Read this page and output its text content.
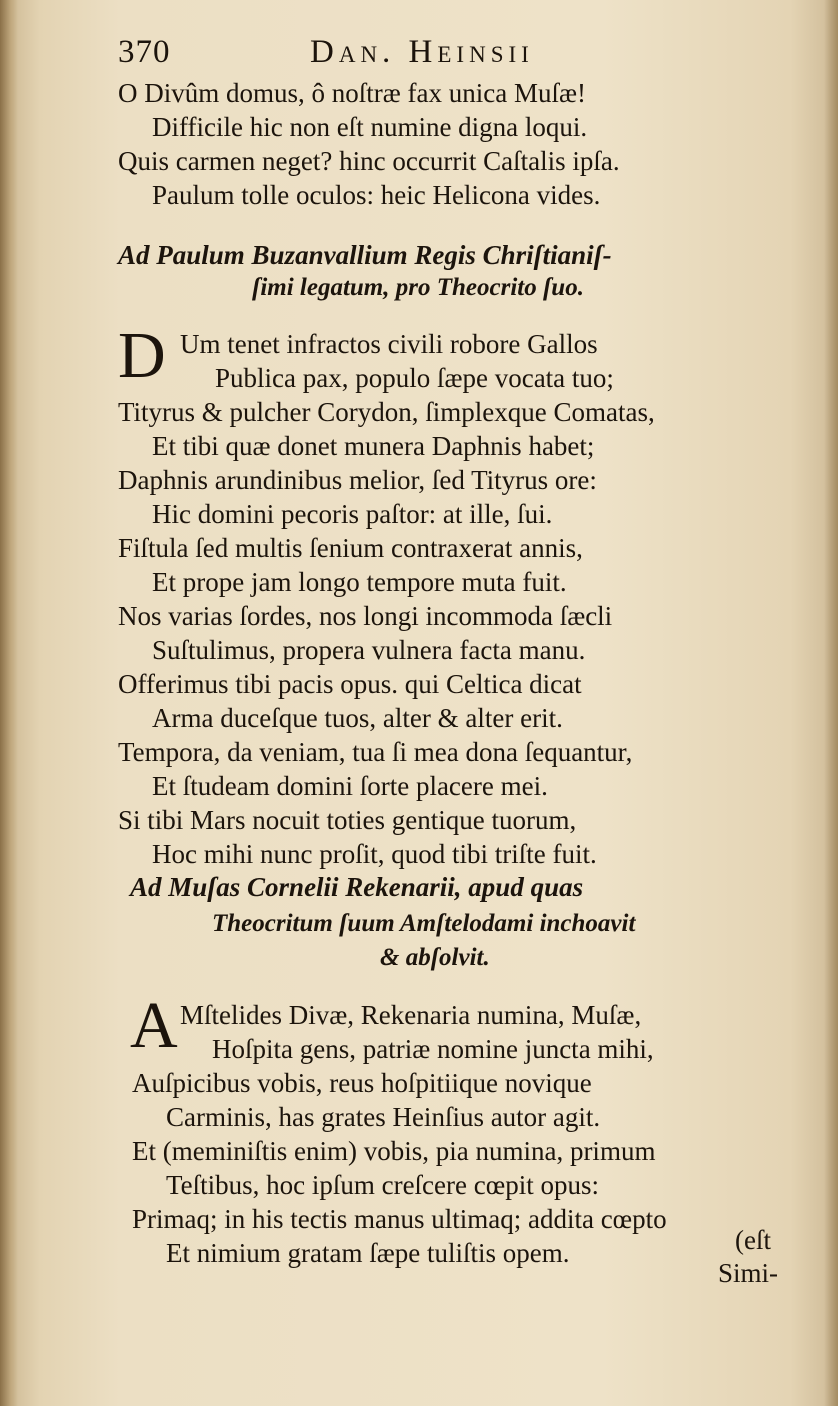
370	Dan. Heinsii
O Divûm domus, ô noſtræ fax unica Muſæ!
Difficile hic non eſt numine digna loqui.
Quis carmen neget? hinc occurrit Caſtalis ipſa.
Paulum tolle oculos: heic Helicona vides.
Ad Paulum Buzanvallium Regis Chriſtianiſ-
ſimi legatum, pro Theocrito ſuo.
D Um tenet infractos civili robore Gallos
Publica pax, populo ſæpe vocata tuo;
Tityrus & pulcher Corydon, ſimplexque Comatas,
Et tibi quæ donet munera Daphnis habet;
Daphnis arundinibus melior, ſed Tityrus ore:
Hic domini pecoris paſtor: at ille, ſui.
Fiſtula ſed multis ſenium contraxerat annis,
Et prope jam longo tempore muta fuit.
Nos varias ſordes, nos longi incommoda ſæcli
Suſtulimus, propera vulnera facta manu.
Offerimus tibi pacis opus. qui Celtica dicat
Arma duceſque tuos, alter & alter erit.
Tempora, da veniam, tua ſi mea dona ſequantur,
Et ſtudeam domini ſorte placere mei.
Si tibi Mars nocuit toties gentique tuorum,
Hoc mihi nunc proſit, quod tibi triſte fuit.
Ad Muſas Cornelii Rekenarii, apud quas
Theocritum ſuum Amſtelodami inchoavit
& abſolvit.
A Mſtelides Divæ, Rekenaria numina, Muſæ,
Hoſpita gens, patriæ nomine juncta mihi,
Auſpicibus vobis, reus hoſpitiique novique
Carminis, has grates Heinſius autor agit.
Et (meminiſtis enim) vobis, pia numina, primum
Teſtibus, hoc ipſum creſcere cœpit opus:
Primaq; in his tectis manus ultimaq; addita cœpto
Et nimium gratam ſæpe tuliſtis opem.	(eſt
Simi-
